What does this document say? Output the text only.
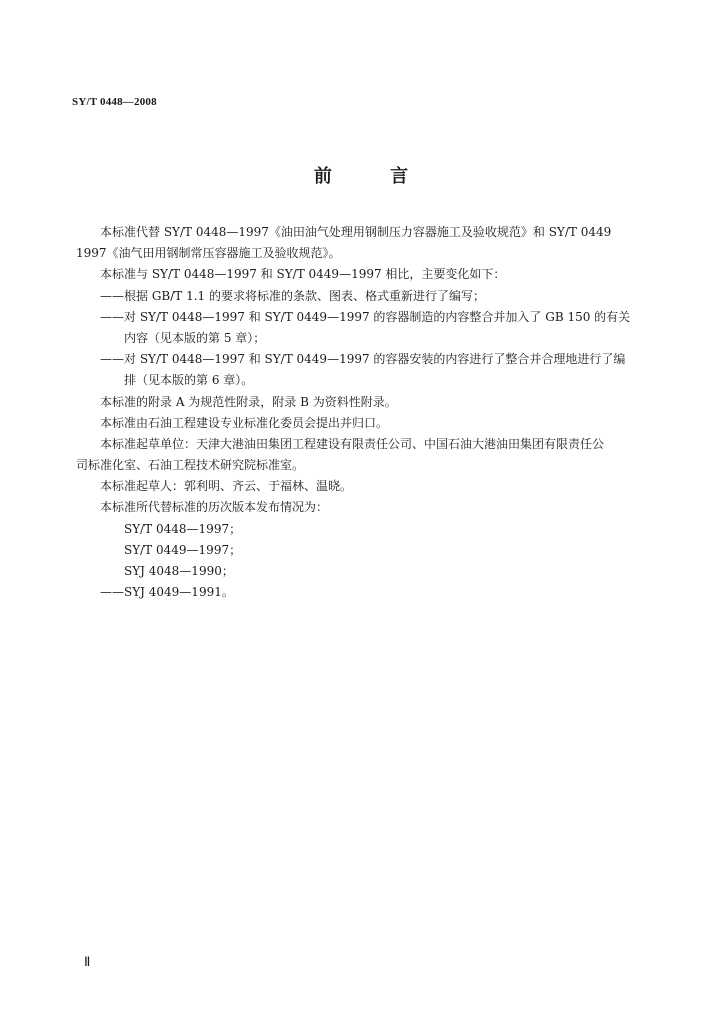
SY/T 0448—2008
前 言
本标准代替 SY/T 0448—1997《油田油气处理用钢制压力容器施工及验收规范》和 SY/T 0449
1997《油气田用钢制常压容器施工及验收规范》。
本标准与 SY/T 0448—1997 和 SY/T 0449—1997 相比，主要变化如下：
——根据 GB/T 1.1 的要求将标准的条款、图表、格式重新进行了编写；
——对 SY/T 0448—1997 和 SY/T 0449—1997 的容器制造的内容整合并加入了 GB 150 的有关
内容（见本版的第 5 章）；
——对 SY/T 0448—1997 和 SY/T 0449—1997 的容器安装的内容进行了整合并合理地进行了编
排（见本版的第 6 章）。
本标准的附录 A 为规范性附录，附录 B 为资料性附录。
本标准由石油工程建设专业标准化委员会提出并归口。
本标准起草单位：天津大港油田集团工程建设有限责任公司、中国石油大港油田集团有限责任公
司标准化室、石油工程技术研究院标准室。
本标准起草人：郭利明、齐云、于福林、温晓。
本标准所代替标准的历次版本发布情况为：
SY/T 0448—1997；
SY/T 0449—1997；
SYJ 4048—1990；
——SYJ 4049—1991。
Ⅱ
